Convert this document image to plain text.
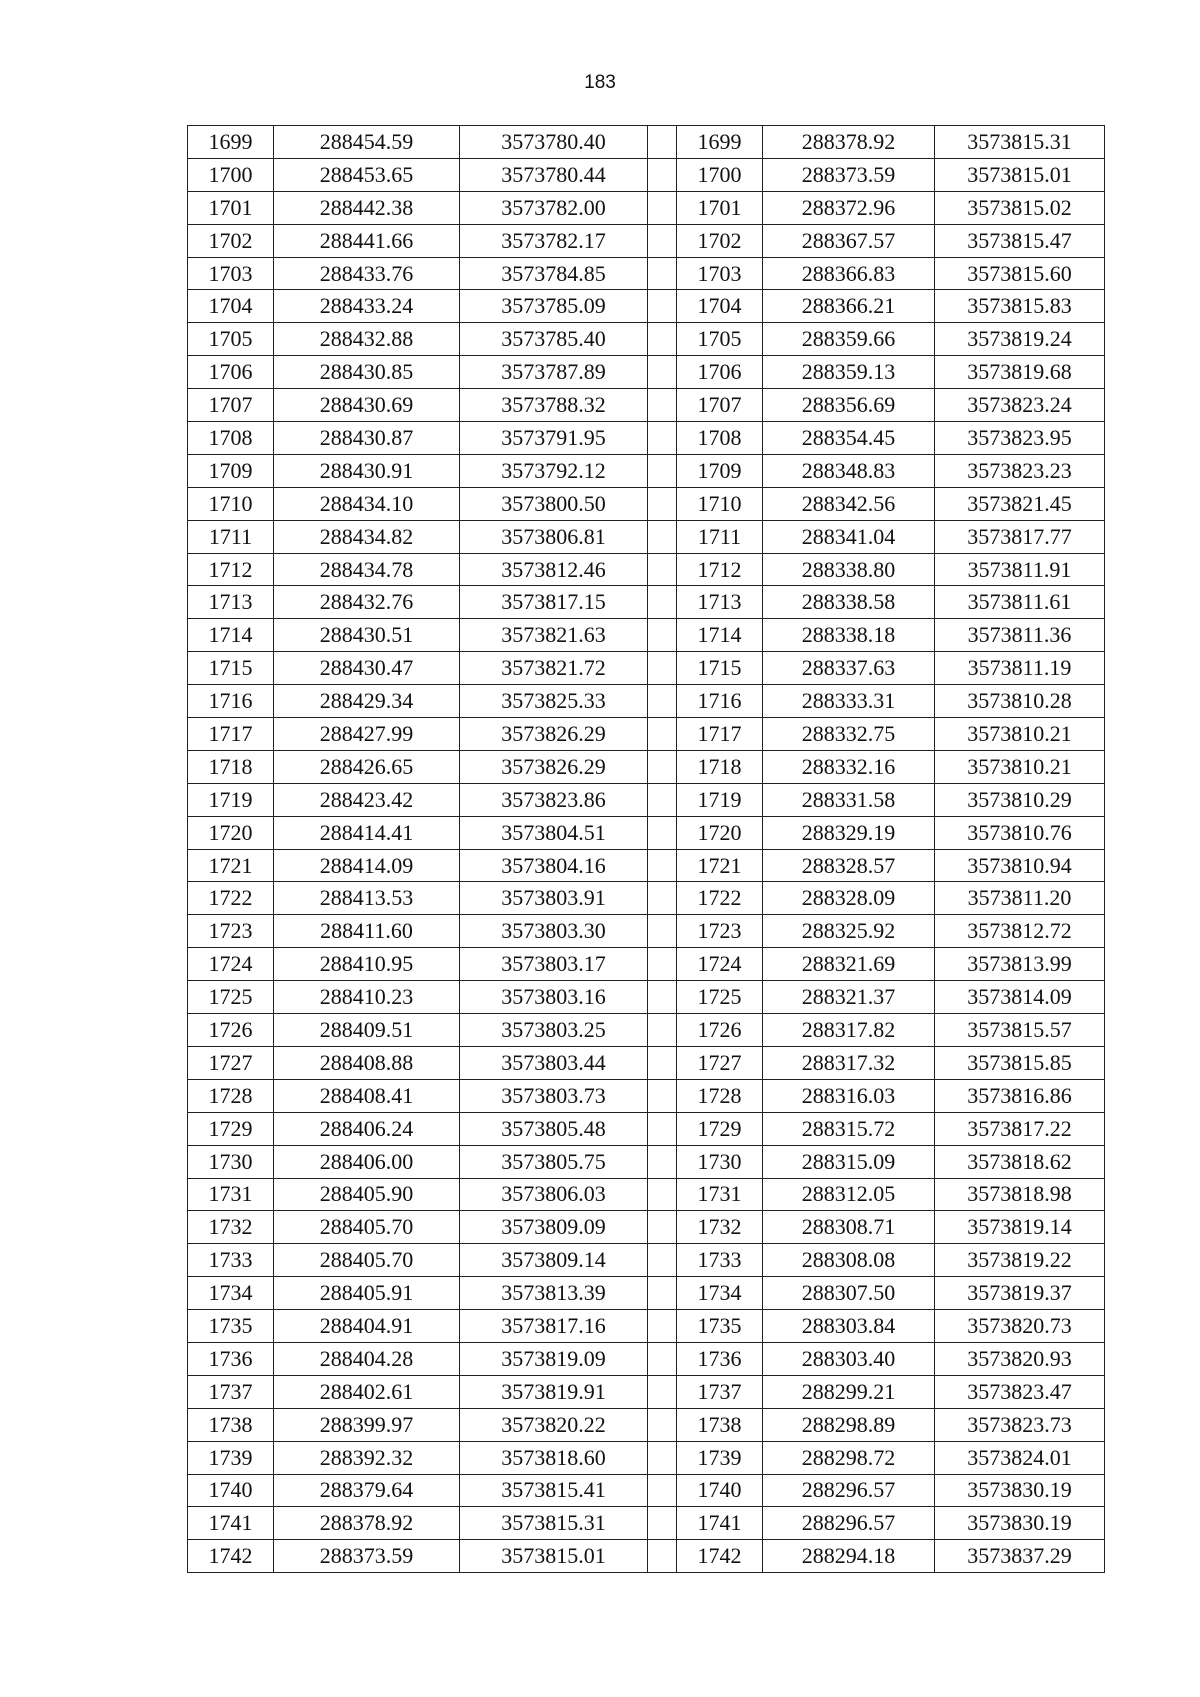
183
1699	288454.59	3573780.40		1699	288378.92	3573815.31
1700	288453.65	3573780.44		1700	288373.59	3573815.01
1701	288442.38	3573782.00		1701	288372.96	3573815.02
1702	288441.66	3573782.17		1702	288367.57	3573815.47
1703	288433.76	3573784.85		1703	288366.83	3573815.60
1704	288433.24	3573785.09		1704	288366.21	3573815.83
1705	288432.88	3573785.40		1705	288359.66	3573819.24
1706	288430.85	3573787.89		1706	288359.13	3573819.68
1707	288430.69	3573788.32		1707	288356.69	3573823.24
1708	288430.87	3573791.95		1708	288354.45	3573823.95
1709	288430.91	3573792.12		1709	288348.83	3573823.23
1710	288434.10	3573800.50		1710	288342.56	3573821.45
1711	288434.82	3573806.81		1711	288341.04	3573817.77
1712	288434.78	3573812.46		1712	288338.80	3573811.91
1713	288432.76	3573817.15		1713	288338.58	3573811.61
1714	288430.51	3573821.63		1714	288338.18	3573811.36
1715	288430.47	3573821.72		1715	288337.63	3573811.19
1716	288429.34	3573825.33		1716	288333.31	3573810.28
1717	288427.99	3573826.29		1717	288332.75	3573810.21
1718	288426.65	3573826.29		1718	288332.16	3573810.21
1719	288423.42	3573823.86		1719	288331.58	3573810.29
1720	288414.41	3573804.51		1720	288329.19	3573810.76
1721	288414.09	3573804.16		1721	288328.57	3573810.94
1722	288413.53	3573803.91		1722	288328.09	3573811.20
1723	288411.60	3573803.30		1723	288325.92	3573812.72
1724	288410.95	3573803.17		1724	288321.69	3573813.99
1725	288410.23	3573803.16		1725	288321.37	3573814.09
1726	288409.51	3573803.25		1726	288317.82	3573815.57
1727	288408.88	3573803.44		1727	288317.32	3573815.85
1728	288408.41	3573803.73		1728	288316.03	3573816.86
1729	288406.24	3573805.48		1729	288315.72	3573817.22
1730	288406.00	3573805.75		1730	288315.09	3573818.62
1731	288405.90	3573806.03		1731	288312.05	3573818.98
1732	288405.70	3573809.09		1732	288308.71	3573819.14
1733	288405.70	3573809.14		1733	288308.08	3573819.22
1734	288405.91	3573813.39		1734	288307.50	3573819.37
1735	288404.91	3573817.16		1735	288303.84	3573820.73
1736	288404.28	3573819.09		1736	288303.40	3573820.93
1737	288402.61	3573819.91		1737	288299.21	3573823.47
1738	288399.97	3573820.22		1738	288298.89	3573823.73
1739	288392.32	3573818.60		1739	288298.72	3573824.01
1740	288379.64	3573815.41		1740	288296.57	3573830.19
1741	288378.92	3573815.31		1741	288296.57	3573830.19
1742	288373.59	3573815.01		1742	288294.18	3573837.29
